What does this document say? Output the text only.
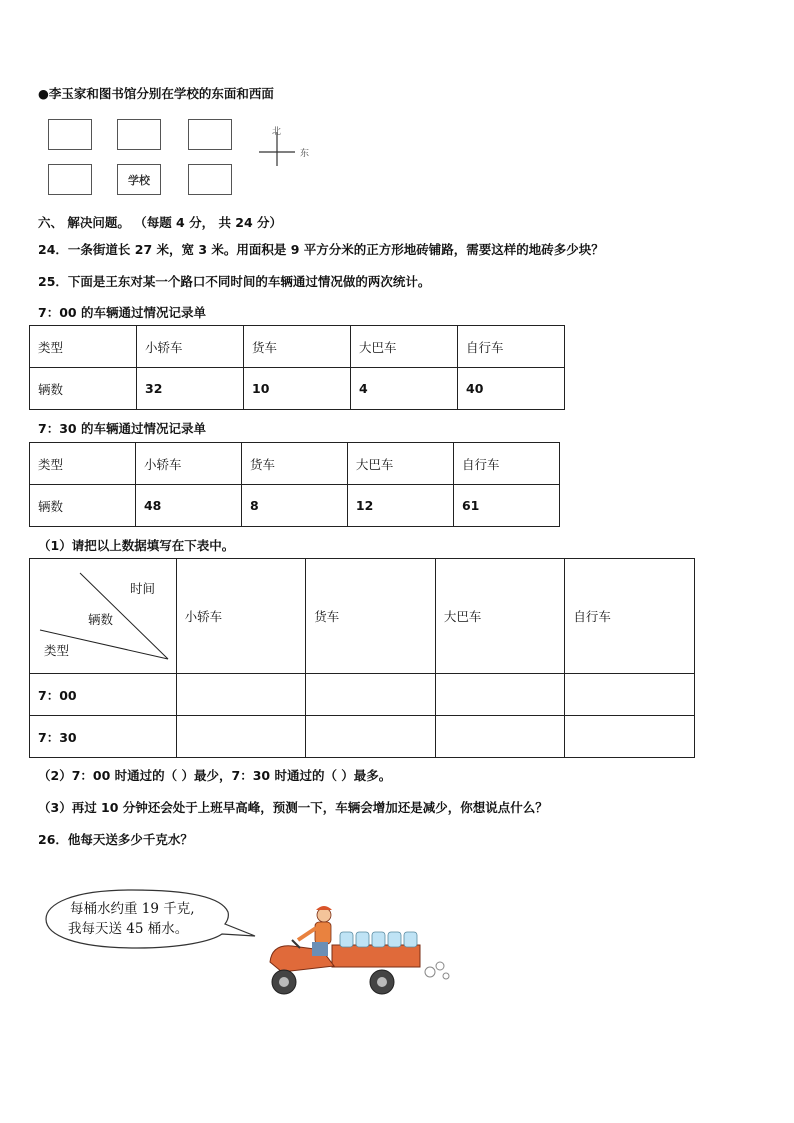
●李玉家和图书馆分别在学校的东面和西面
学校
北
东
六、 解决问题。 （每题 4 分， 共 24 分）
24．一条街道长 27 米，宽 3 米。用面积是 9 平方分米的正方形地砖铺路，需要这样的地砖多少块？
25．下面是王东对某一个路口不同时间的车辆通过情况做的两次统计。
7：00 的车辆通过情况记录单
类型	小轿车	货车	大巴车	自行车
辆数	32	10	4	40
7：30 的车辆通过情况记录单
类型	小轿车	货车	大巴车	自行车
辆数	48	8	12	61
（1）请把以上数据填写在下表中。
时间
辆数
类型	小轿车	货车	大巴车	自行车
7：00				
7：30				
（2）7：00 时通过的（ ）最少，7：30 时通过的（ ）最多。
（3）再过 10 分钟还会处于上班早高峰，预测一下，车辆会增加还是减少，你想说点什么？
26．他每天送多少千克水？
每桶水约重 19 千克,
我每天送 45 桶水。
